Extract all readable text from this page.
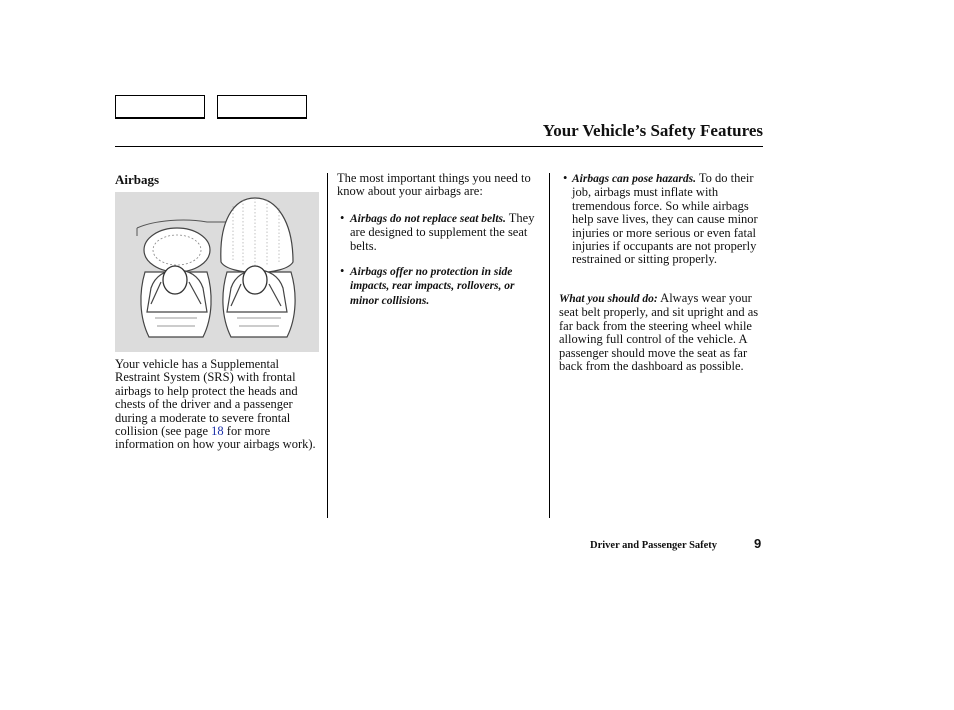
Your Vehicle’s Safety Features
Airbags
Your vehicle has a Supplemental Restraint System (SRS) with frontal airbags to help protect the heads and chests of the driver and a passenger during a moderate to severe frontal collision (see page 18 for more information on how your airbags work).
The most important things you need to know about your airbags are:
• Airbags do not replace seat belts. They are designed to supplement the seat belts.
• Airbags offer no protection in side impacts, rear impacts, rollovers, or minor collisions.
• Airbags can pose hazards. To do their job, airbags must inflate with tremendous force. So while airbags help save lives, they can cause minor injuries or more serious or even fatal injuries if occupants are not properly restrained or sitting properly.
What you should do: Always wear your seat belt properly, and sit upright and as far back from the steering wheel while allowing full control of the vehicle. A passenger should move the seat as far back from the dashboard as possible.
Driver and Passenger Safety	9
